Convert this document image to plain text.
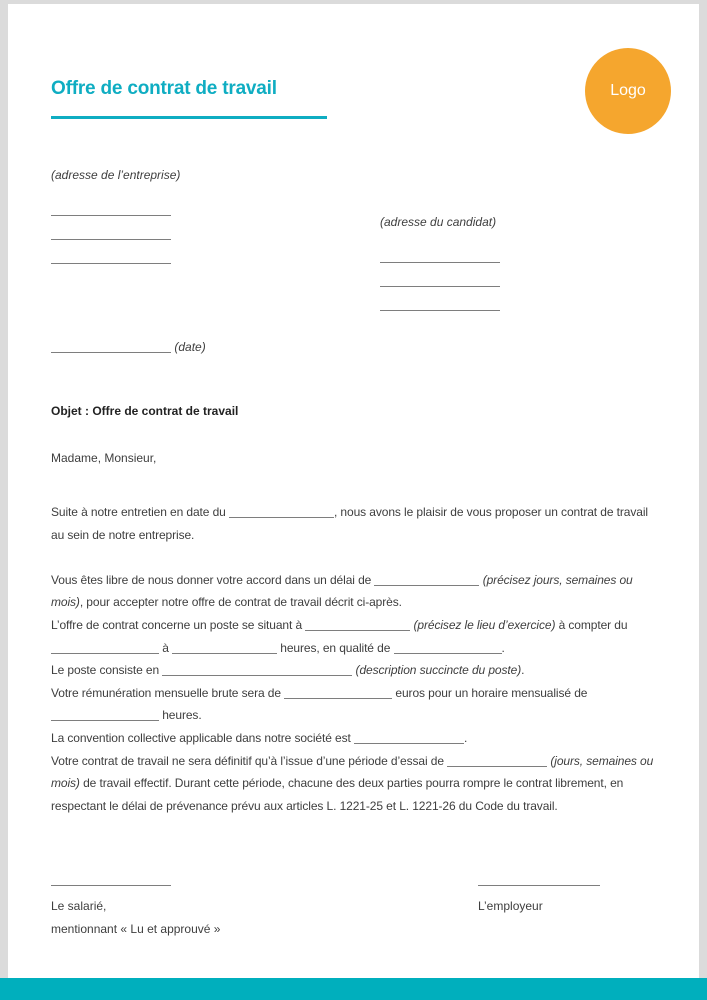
Offre de contrat de travail	Logo
(adresse de l’entreprise)
(adresse du candidat)
(date)
Objet : Offre de contrat de travail
Madame, Monsieur,
Suite à notre entretien en date du	, nous avons le plaisir de vous proposer un contrat de travail
au sein de notre entreprise.
Vous êtes libre de nous donner votre accord dans un délai de	(précisez jours, semaines ou
mois), pour accepter notre offre de contrat de travail décrit ci-après.
L’offre de contrat concerne un poste se situant à	(précisez le lieu d’exercice) à compter du
à	heures, en qualité de	.
Le poste consiste en	(description succincte du poste).
Votre rémunération mensuelle brute sera de	euros pour un horaire mensualisé de
heures.
La convention collective applicable dans notre société est	.
Votre contrat de travail ne sera définitif qu’à l’issue d’une période d’essai de	(jours, semaines ou
mois) de travail effectif. Durant cette période, chacune des deux parties pourra rompre le contrat librement, en
respectant le délai de prévenance prévu aux articles L. 1221-25 et L. 1221-26 du Code du travail.
Le salarié,
mentionnant « Lu et approuvé »
L’employeur
